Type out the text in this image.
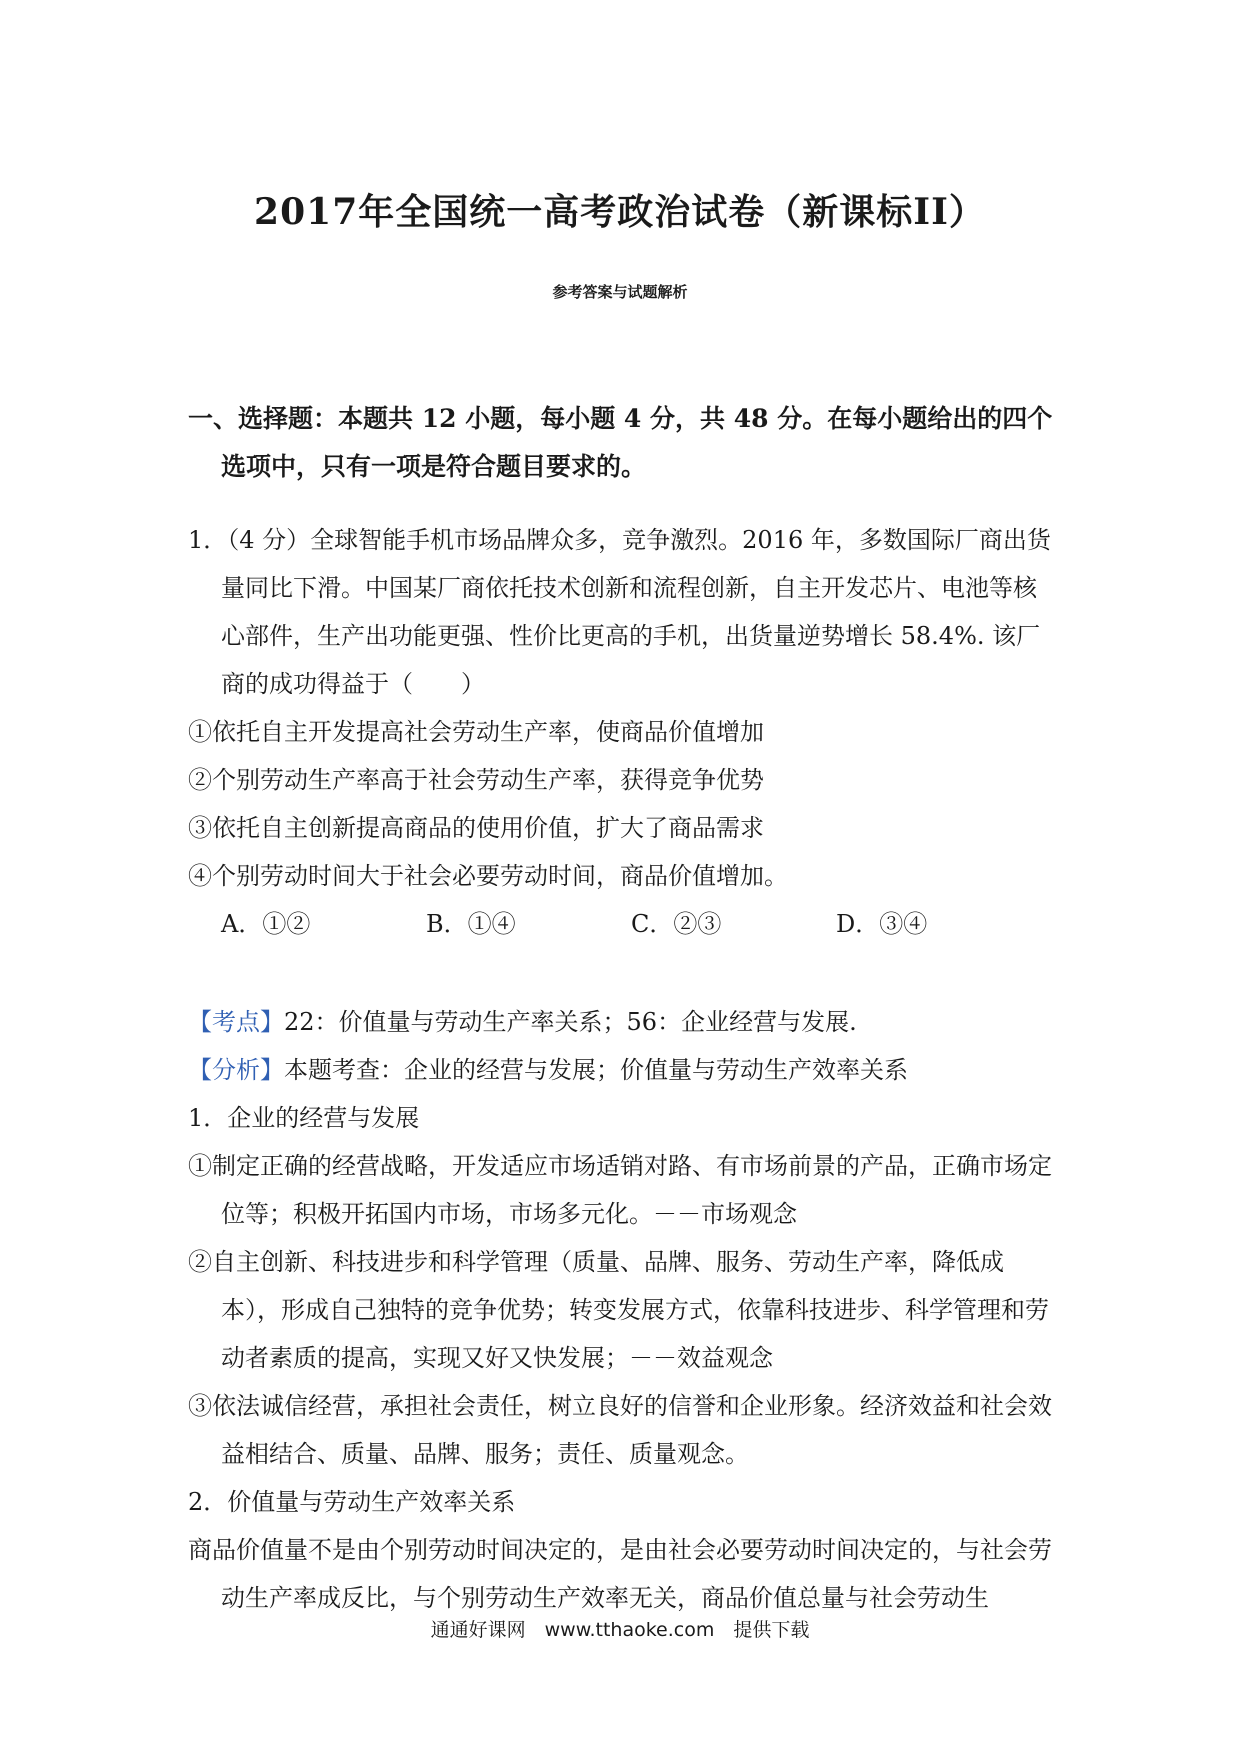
2017年全国统一高考政治试卷（新课标II）
参考答案与试题解析

一、选择题：本题共 12 小题，每小题 4 分，共 48 分。在每小题给出的四个选项中，只有一项是符合题目要求的。

1．（4 分）全球智能手机市场品牌众多，竞争激烈。2016 年，多数国际厂商出货量同比下滑。中国某厂商依托技术创新和流程创新，自主开发芯片、电池等核心部件，生产出功能更强、性价比更高的手机，出货量逆势增长 58.4%. 该厂商的成功得益于（　　）

①依托自主开发提高社会劳动生产率，使商品价值增加

②个别劳动生产率高于社会劳动生产率，获得竞争优势

③依托自主创新提高商品的使用价值，扩大了商品需求

④个别劳动时间大于社会必要劳动时间，商品价值增加。

A．①②	B．①④	C．②③	D．③④

【考点】22：价值量与劳动生产率关系；56：企业经营与发展.

【分析】本题考查：企业的经营与发展；价值量与劳动生产效率关系

1．企业的经营与发展

①制定正确的经营战略，开发适应市场适销对路、有市场前景的产品，正确市场定位等；积极开拓国内市场，市场多元化。－－市场观念

②自主创新、科技进步和科学管理（质量、品牌、服务、劳动生产率，降低成本），形成自己独特的竞争优势；转变发展方式，依靠科技进步、科学管理和劳动者素质的提高，实现又好又快发展；－－效益观念

③依法诚信经营，承担社会责任，树立良好的信誉和企业形象。经济效益和社会效益相结合、质量、品牌、服务；责任、质量观念。

2．价值量与劳动生产效率关系

商品价值量不是由个别劳动时间决定的，是由社会必要劳动时间决定的，与社会劳动生产率成反比，与个别劳动生产效率无关，商品价值总量与社会劳动生

通通好课网　www.tthaoke.com　提供下载
